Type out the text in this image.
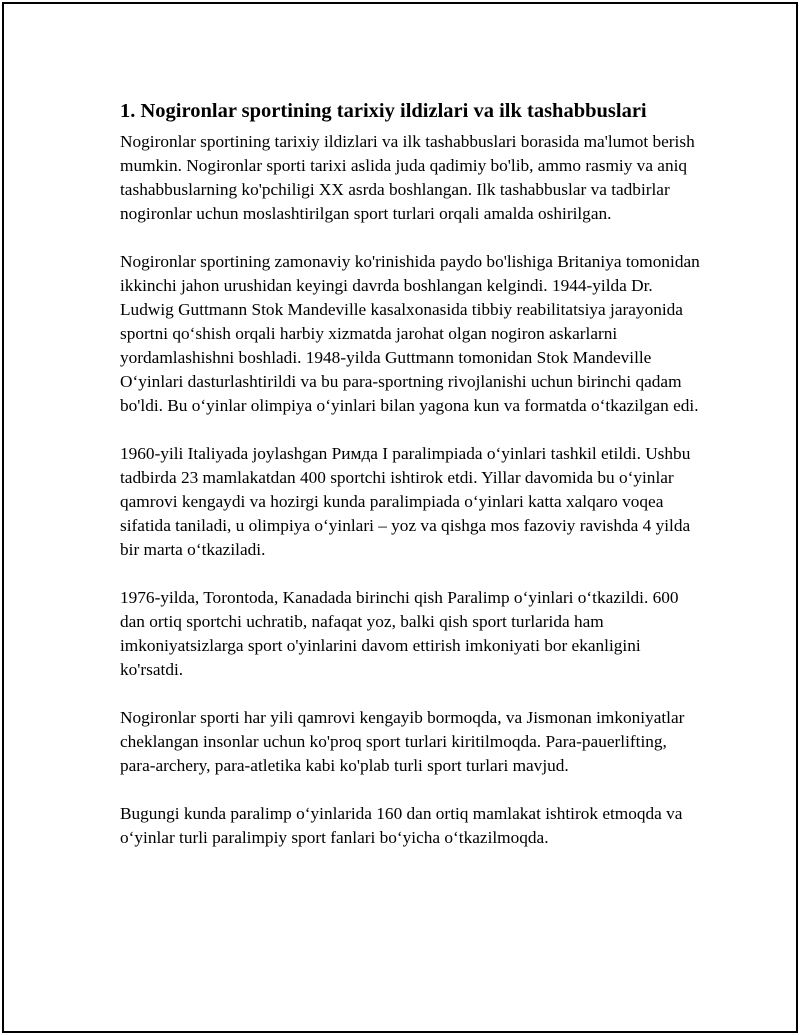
1. Nogironlar sportining tarixiy ildizlari va ilk tashabbuslari

Nogironlar sportining tarixiy ildizlari va ilk tashabbuslari borasida ma'lumot berish mumkin. Nogironlar sporti tarixi aslida juda qadimiy bo'lib, ammo rasmiy va aniq tashabbuslarning ko'pchiligi XX asrda boshlangan. Ilk tashabbuslar va tadbirlar nogironlar uchun moslashtirilgan sport turlari orqali amalda oshirilgan.

Nogironlar sportining zamonaviy ko'rinishida paydo bo'lishiga Britaniya tomonidan ikkinchi jahon urushidan keyingi davrda boshlangan kelgindi. 1944-yilda Dr. Ludwig Guttmann Stok Mandeville kasalxonasida tibbiy reabilitatsiya jarayonida sportni qo‘shish orqali harbiy xizmatda jarohat olgan nogiron askarlarni yordamlashishni boshladi. 1948-yilda Guttmann tomonidan Stok Mandeville O‘yinlari dasturlashtirildi va bu para-sportning rivojlanishi uchun birinchi qadam bo'ldi. Bu o‘yinlar olimpiya o‘yinlari bilan yagona kun va formatda o‘tkazilgan edi.

1960-yili Italiyada joylashgan Римда I paralimpiada o‘yinlari tashkil etildi. Ushbu tadbirda 23 mamlakatdan 400 sportchi ishtirok etdi. Yillar davomida bu o‘yinlar qamrovi kengaydi va hozirgi kunda paralimpiada o‘yinlari katta xalqaro voqea sifatida taniladi, u olimpiya o‘yinlari – yoz va qishga mos fazoviy ravishda 4 yilda bir marta o‘tkaziladi.

1976-yilda, Torontoda, Kanadada birinchi qish Paralimp o‘yinlari o‘tkazildi. 600 dan ortiq sportchi uchratib, nafaqat yoz, balki qish sport turlarida ham imkoniyatsizlarga sport o'yinlarini davom ettirish imkoniyati bor ekanligini ko'rsatdi.

Nogironlar sporti har yili qamrovi kengayib bormoqda, va Jismonan imkoniyatlar cheklangan insonlar uchun ko'proq sport turlari kiritilmoqda. Para-pauerlifting, para-archery, para-atletika kabi ko'plab turli sport turlari mavjud.

Bugungi kunda paralimp o‘yinlarida 160 dan ortiq mamlakat ishtirok etmoqda va o‘yinlar turli paralimpiy sport fanlari bo‘yicha o‘tkazilmoqda.
